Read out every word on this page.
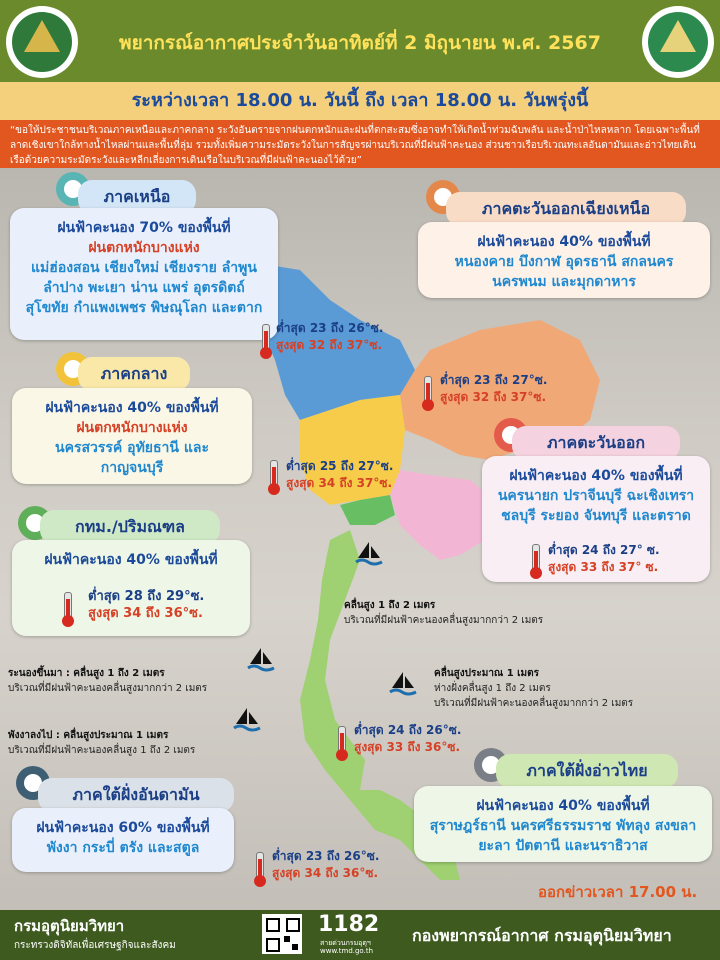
พยากรณ์อากาศประจำวันอาทิตย์ที่ 2 มิถุนายน พ.ศ. 2567
ระหว่างเวลา 18.00 น. วันนี้ ถึง เวลา 18.00 น. วันพรุ่งนี้
“ขอให้ประชาชนบริเวณภาคเหนือและภาคกลาง ระวังอันตรายจากฝนตกหนักและฝนที่ตกสะสมซึ่งอาจทำให้เกิดน้ำท่วมฉับพลัน และน้ำป่าไหลหลาก โดยเฉพาะพื้นที่ลาดเชิงเขาใกล้ทางน้ำไหลผ่านและพื้นที่ลุ่ม รวมทั้งเพิ่มความระมัดระวังในการสัญจรผ่านบริเวณที่มีฝนฟ้าคะนอง ส่วนชาวเรือบริเวณทะเลอันดามันและอ่าวไทยเดินเรือด้วยความระมัดระวังและหลีกเลี่ยงการเดินเรือในบริเวณที่มีฝนฟ้าคะนองไว้ด้วย”
ภาคเหนือ
ฝนฟ้าคะนอง 70% ของพื้นที่
ฝนตกหนักบางแห่ง
แม่ฮ่องสอน เชียงใหม่ เชียงราย ลำพูน ลำปาง พะเยา น่าน แพร่ อุตรดิตถ์ สุโขทัย กำแพงเพชร พิษณุโลก และตาก
ต่ำสุด 23 ถึง 26°ซ.
สูงสุด 32 ถึง 37°ซ.
ภาคตะวันออกเฉียงเหนือ
ฝนฟ้าคะนอง 40% ของพื้นที่
หนองคาย บึงกาฬ อุดรธานี สกลนคร นครพนม และมุกดาหาร
ต่ำสุด 23 ถึง 27°ซ.
สูงสุด 32 ถึง 37°ซ.
ภาคกลาง
ฝนฟ้าคะนอง 40% ของพื้นที่
ฝนตกหนักบางแห่ง
นครสวรรค์ อุทัยธานี และกาญจนบุรี	ต่ำสุด 25 ถึง 27°ซ.
สูงสุด 34 ถึง 37°ซ.
ภาคตะวันออก
ฝนฟ้าคะนอง 40% ของพื้นที่
นครนายก ปราจีนบุรี ฉะเชิงเทรา ชลบุรี ระยอง จันทบุรี และตราด
ต่ำสุด 24 ถึง 27° ซ.
สูงสุด 33 ถึง 37° ซ.
กทม./ปริมณฑล
ฝนฟ้าคะนอง 40% ของพื้นที่
ต่ำสุด 28 ถึง 29°ซ.
สูงสุด 34 ถึง 36°ซ.
คลื่นสูง 1 ถึง 2 เมตร
บริเวณที่มีฝนฟ้าคะนองคลื่นสูงมากกว่า 2 เมตร
ระนองขึ้นมา : คลื่นสูง 1 ถึง 2 เมตร
บริเวณที่มีฝนฟ้าคะนองคลื่นสูงมากกว่า 2 เมตร
พังงาลงไป : คลื่นสูงประมาณ 1 เมตร
บริเวณที่มีฝนฟ้าคะนองคลื่นสูง 1 ถึง 2 เมตร
คลื่นสูงประมาณ 1 เมตร
ห่างฝั่งคลื่นสูง 1 ถึง 2 เมตร
บริเวณที่มีฝนฟ้าคะนองคลื่นสูงมากกว่า 2 เมตร
ต่ำสุด 24 ถึง 26°ซ.
สูงสุด 33 ถึง 36°ซ.
ภาคใต้ฝั่งอ่าวไทย
ฝนฟ้าคะนอง 40% ของพื้นที่
สุราษฎร์ธานี นครศรีธรรมราช พัทลุง สงขลา ยะลา ปัตตานี และนราธิวาส
ภาคใต้ฝั่งอันดามัน
ฝนฟ้าคะนอง 60% ของพื้นที่
พังงา กระบี่ ตรัง และสตูล	ต่ำสุด 23 ถึง 26°ซ.
สูงสุด 34 ถึง 36°ซ.
ออกข่าวเวลา 17.00 น.
กรมอุตุนิยมวิทยา
กระทรวงดิจิทัลเพื่อเศรษฐกิจและสังคม
1182
สายด่วนกรมอุตุฯ
www.tmd.go.th
กองพยากรณ์อากาศ กรมอุตุนิยมวิทยา
